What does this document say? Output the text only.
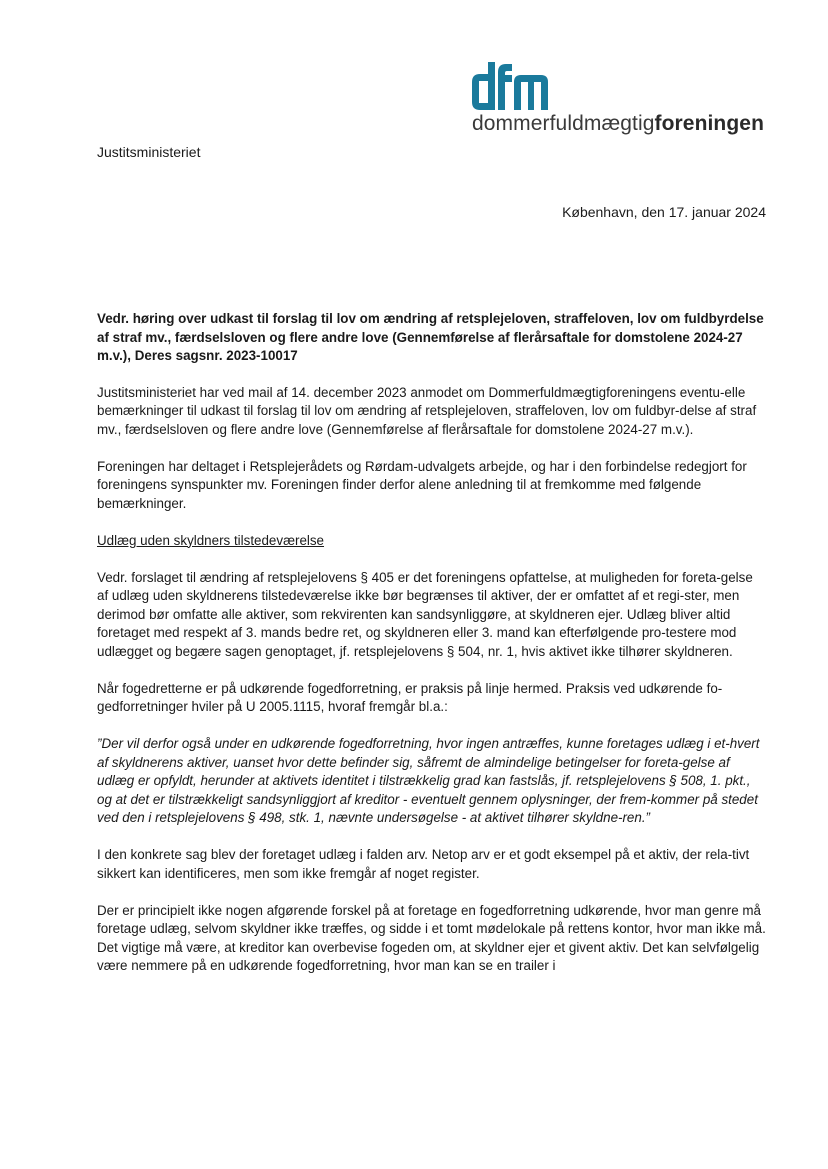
dommerfuldmægtigforeningen
Justitsministeriet
København, den 17. januar 2024

Vedr. høring over udkast til forslag til lov om ændring af retsplejeloven, straffeloven, lov om fuldbyrdelse af straf mv., færdselsloven og flere andre love (Gennemførelse af flerårsaftale for domstolene 2024-27 m.v.), Deres sagsnr. 2023-10017

Justitsministeriet har ved mail af 14. december 2023 anmodet om Dommerfuldmægtigforeningens eventu-elle bemærkninger til udkast til forslag til lov om ændring af retsplejeloven, straffeloven, lov om fuldbyr-delse af straf mv., færdselsloven og flere andre love (Gennemførelse af flerårsaftale for domstolene 2024-27 m.v.).

Foreningen har deltaget i Retsplejerådets og Rørdam-udvalgets arbejde, og har i den forbindelse redegjort for foreningens synspunkter mv. Foreningen finder derfor alene anledning til at fremkomme med følgende bemærkninger.

Udlæg uden skyldners tilstedeværelse

Vedr. forslaget til ændring af retsplejelovens § 405 er det foreningens opfattelse, at muligheden for foreta-gelse af udlæg uden skyldnerens tilstedeværelse ikke bør begrænses til aktiver, der er omfattet af et regi-ster, men derimod bør omfatte alle aktiver, som rekvirenten kan sandsynliggøre, at skyldneren ejer. Udlæg bliver altid foretaget med respekt af 3. mands bedre ret, og skyldneren eller 3. mand kan efterfølgende pro-testere mod udlægget og begære sagen genoptaget, jf. retsplejelovens § 504, nr. 1, hvis aktivet ikke tilhører skyldneren.

Når fogedretterne er på udkørende fogedforretning, er praksis på linje hermed. Praksis ved udkørende fo-gedforretninger hviler på U 2005.1115, hvoraf fremgår bl.a.:

”Der vil derfor også under en udkørende fogedforretning, hvor ingen antræffes, kunne foretages udlæg i et-hvert af skyldnerens aktiver, uanset hvor dette befinder sig, såfremt de almindelige betingelser for foreta-gelse af udlæg er opfyldt, herunder at aktivets identitet i tilstrækkelig grad kan fastslås, jf. retsplejelovens § 508, 1. pkt., og at det er tilstrækkeligt sandsynliggjort af kreditor - eventuelt gennem oplysninger, der frem-kommer på stedet ved den i retsplejelovens § 498, stk. 1, nævnte undersøgelse - at aktivet tilhører skyldne-ren.”

I den konkrete sag blev der foretaget udlæg i falden arv. Netop arv er et godt eksempel på et aktiv, der rela-tivt sikkert kan identificeres, men som ikke fremgår af noget register.

Der er principielt ikke nogen afgørende forskel på at foretage en fogedforretning udkørende, hvor man genre må foretage udlæg, selvom skyldner ikke træffes, og sidde i et tomt mødelokale på rettens kontor, hvor man ikke må. Det vigtige må være, at kreditor kan overbevise fogeden om, at skyldner ejer et givent aktiv. Det kan selvfølgelig være nemmere på en udkørende fogedforretning, hvor man kan se en trailer i
